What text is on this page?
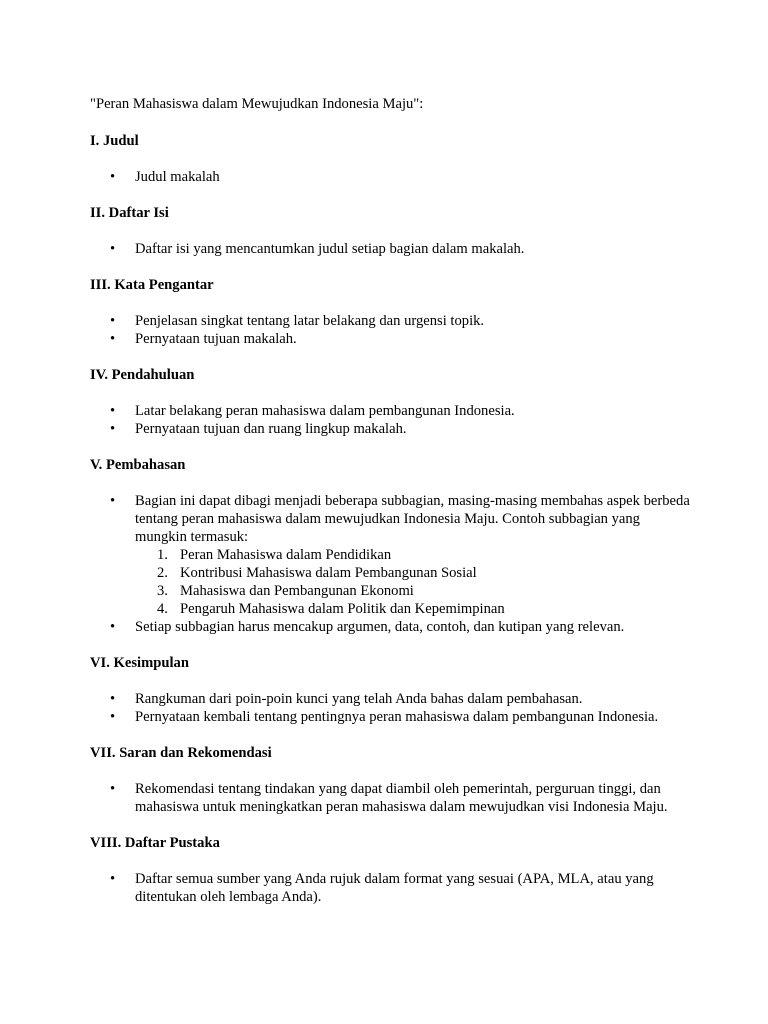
"Peran Mahasiswa dalam Mewujudkan Indonesia Maju":
I. Judul
• Judul makalah
II. Daftar Isi
• Daftar isi yang mencantumkan judul setiap bagian dalam makalah.
III. Kata Pengantar
• Penjelasan singkat tentang latar belakang dan urgensi topik.
• Pernyataan tujuan makalah.
IV. Pendahuluan
• Latar belakang peran mahasiswa dalam pembangunan Indonesia.
• Pernyataan tujuan dan ruang lingkup makalah.
V. Pembahasan
• Bagian ini dapat dibagi menjadi beberapa subbagian, masing-masing membahas aspek berbeda tentang peran mahasiswa dalam mewujudkan Indonesia Maju. Contoh subbagian yang mungkin termasuk:
1. Peran Mahasiswa dalam Pendidikan
2. Kontribusi Mahasiswa dalam Pembangunan Sosial
3. Mahasiswa dan Pembangunan Ekonomi
4. Pengaruh Mahasiswa dalam Politik dan Kepemimpinan
• Setiap subbagian harus mencakup argumen, data, contoh, dan kutipan yang relevan.
VI. Kesimpulan
• Rangkuman dari poin-poin kunci yang telah Anda bahas dalam pembahasan.
• Pernyataan kembali tentang pentingnya peran mahasiswa dalam pembangunan Indonesia.
VII. Saran dan Rekomendasi
• Rekomendasi tentang tindakan yang dapat diambil oleh pemerintah, perguruan tinggi, dan mahasiswa untuk meningkatkan peran mahasiswa dalam mewujudkan visi Indonesia Maju.
VIII. Daftar Pustaka
• Daftar semua sumber yang Anda rujuk dalam format yang sesuai (APA, MLA, atau yang ditentukan oleh lembaga Anda).
